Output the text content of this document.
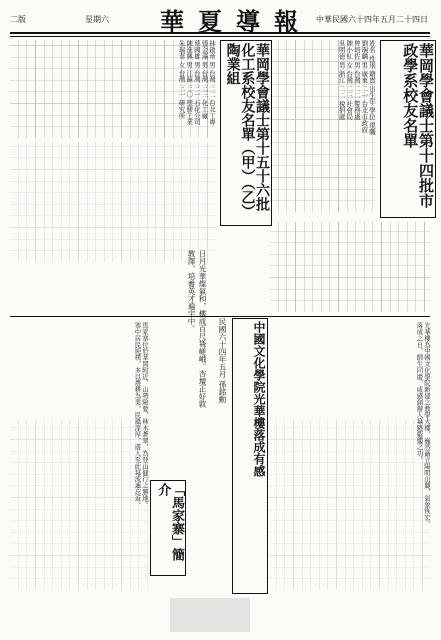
二版	星期六 華夏導報 中華民國六十四年五月二十四日
華岡學會議士第十四批市政學系校友名單
姓名 性別 籍貫 出生年 學位 現職
劉瑞麟 男 廣東 二一 台北市政府
曾培佐 男 台灣 二二 警務處
陳小紅 女 台灣 二三 社會局
吳明德 男 浙江 二二 稅捐處
華岡學會議士第十五十六批化工系校友名單（甲）（乙）陶業組
林啟章 男 台灣 三二 台北工專
張金藻 男 台灣 三三 化工廠
蔡國雄 男 台灣 三一 石化公司
陳進興 男 江蘇 三〇 塑膠工業
朱瑞華 女 台灣 三一 研究所
中國文化學院光華樓落成有感
民國六十四年五月 孫銘勳
日月光華燦氣和，樓成百尺聳嵯峨。杏壇正好敦教澤，培養英才遍宇中。
光華樓為中國文化學院新建之教學大樓，巍然矗立陽明山麓，氣象恢宏。
落成之日，師生同慶，咸感創辦人篳路藍縷之功。
「馬家寨」簡介
馬家寨位於華岡附近，山勢險要，林木蒼翠，為登山健行之勝地。
寨中居民純樸，多以農耕為業，民風淳厚，遊人至此每流連忘返。
